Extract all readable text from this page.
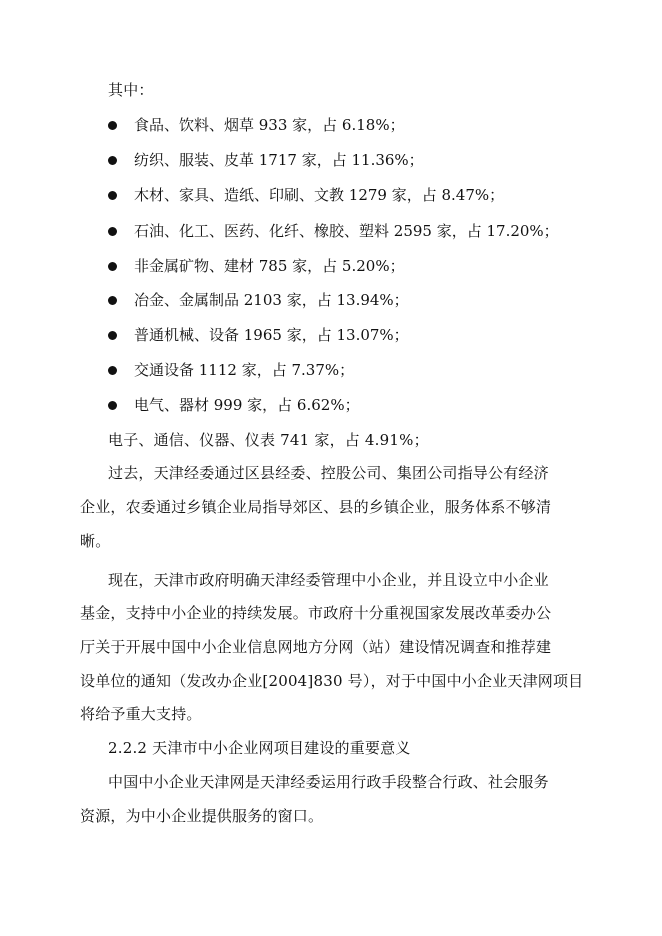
其中：
食品、饮料、烟草 933 家，占 6.18%；
纺织、服装、皮革 1717 家，占 11.36%；
木材、家具、造纸、印刷、文教 1279 家，占 8.47%；
石油、化工、医药、化纤、橡胶、塑料 2595 家，占 17.20%；
非金属矿物、建材 785 家，占 5.20%；
冶金、金属制品 2103 家，占 13.94%；
普通机械、设备 1965 家，占 13.07%；
交通设备 1112 家，占 7.37%；
电气、器材 999 家，占 6.62%；
电子、通信、仪器、仪表 741 家，占 4.91%；
过去，天津经委通过区县经委、控股公司、集团公司指导公有经济
企业，农委通过乡镇企业局指导郊区、县的乡镇企业，服务体系不够清
晰。
现在，天津市政府明确天津经委管理中小企业，并且设立中小企业
基金，支持中小企业的持续发展。市政府十分重视国家发展改革委办公
厅关于开展中国中小企业信息网地方分网（站）建设情况调查和推荐建
设单位的通知（发改办企业[2004]830 号），对于中国中小企业天津网项目
将给予重大支持。
2.2.2 天津市中小企业网项目建设的重要意义
中国中小企业天津网是天津经委运用行政手段整合行政、社会服务
资源，为中小企业提供服务的窗口。
